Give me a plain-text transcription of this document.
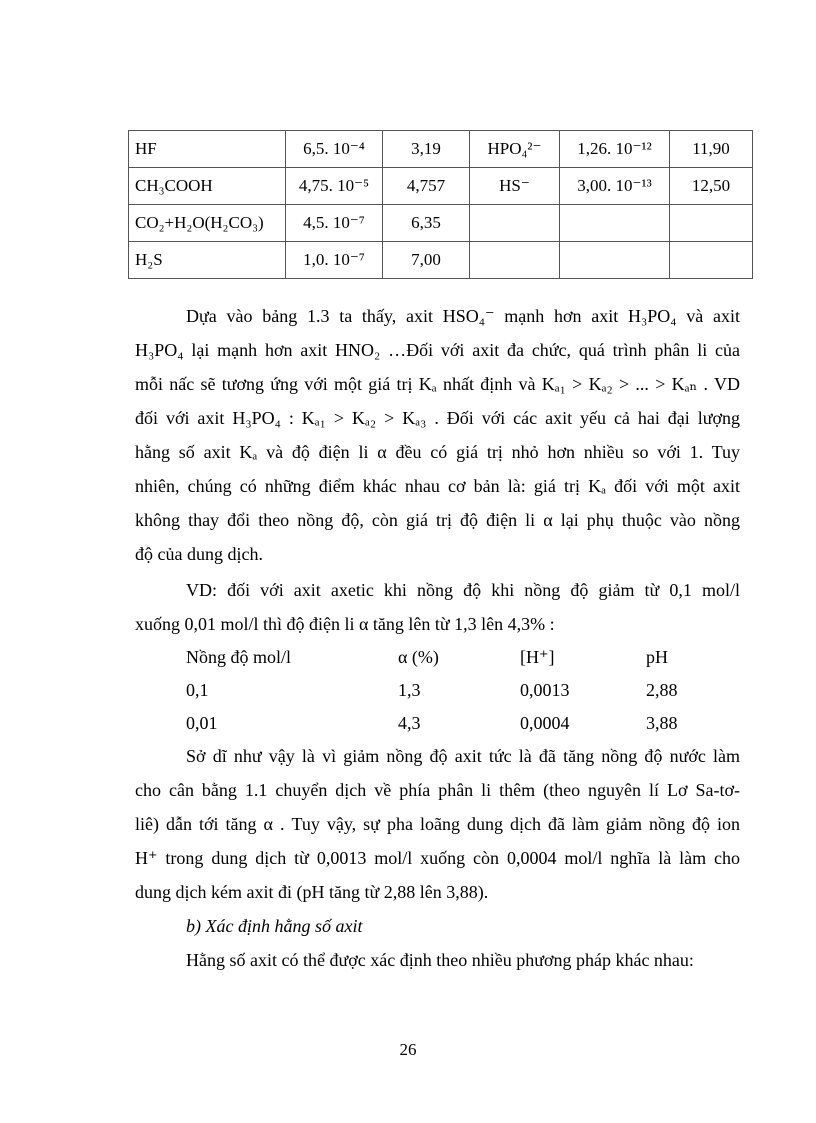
HF	6,5. 10⁻⁴	3,19	HPO₄²⁻	1,26. 10⁻¹²	11,90
CH₃COOH	4,75. 10⁻⁵	4,757	HS⁻	3,00. 10⁻¹³	12,50
CO₂+H₂O(H₂CO₃)	4,5. 10⁻⁷	6,35			
H₂S	1,0. 10⁻⁷	7,00			

Dựa vào bảng 1.3 ta thấy, axit HSO₄⁻ mạnh hơn axit H₃PO₄ và axit

H₃PO₄ lại mạnh hơn axit HNO₂ …Đối với axit đa chức, quá trình phân li của

mỗi nấc sẽ tương ứng với một giá trị Kₐ nhất định và Kₐ₁ > Kₐ₂ > ... > Kₐₙ . VD

đối với axit H₃PO₄ : Kₐ₁ > Kₐ₂ > Kₐ₃ . Đối với các axit yếu cả hai đại lượng

hằng số axit Kₐ và độ điện li α đều có giá trị nhỏ hơn nhiều so với 1. Tuy

nhiên, chúng có những điểm khác nhau cơ bản là: giá trị Kₐ đối với một axit

không thay đổi theo nồng độ, còn giá trị độ điện li α lại phụ thuộc vào nồng

độ của dung dịch.

VD: đối với axit axetic khi nồng độ khi nồng độ giảm từ 0,1 mol/l

xuống 0,01 mol/l thì độ điện li α tăng lên từ 1,3 lên 4,3% :

Nồng độ mol/l	α (%)	[H⁺]	pH
0,1	1,3	0,0013	2,88
0,01	4,3	0,0004	3,88

Sở dĩ như vậy là vì giảm nồng độ axit tức là đã tăng nồng độ nước làm

cho cân bằng 1.1 chuyển dịch về phía phân li thêm (theo nguyên lí Lơ Sa-tơ-

liê) dẫn tới tăng α . Tuy vậy, sự pha loãng dung dịch đã làm giảm nồng độ ion

H⁺ trong dung dịch từ 0,0013 mol/l xuống còn 0,0004 mol/l nghĩa là làm cho

dung dịch kém axit đi (pH tăng từ 2,88 lên 3,88).

b) Xác định hằng số axit

Hằng số axit có thể được xác định theo nhiều phương pháp khác nhau:

26
